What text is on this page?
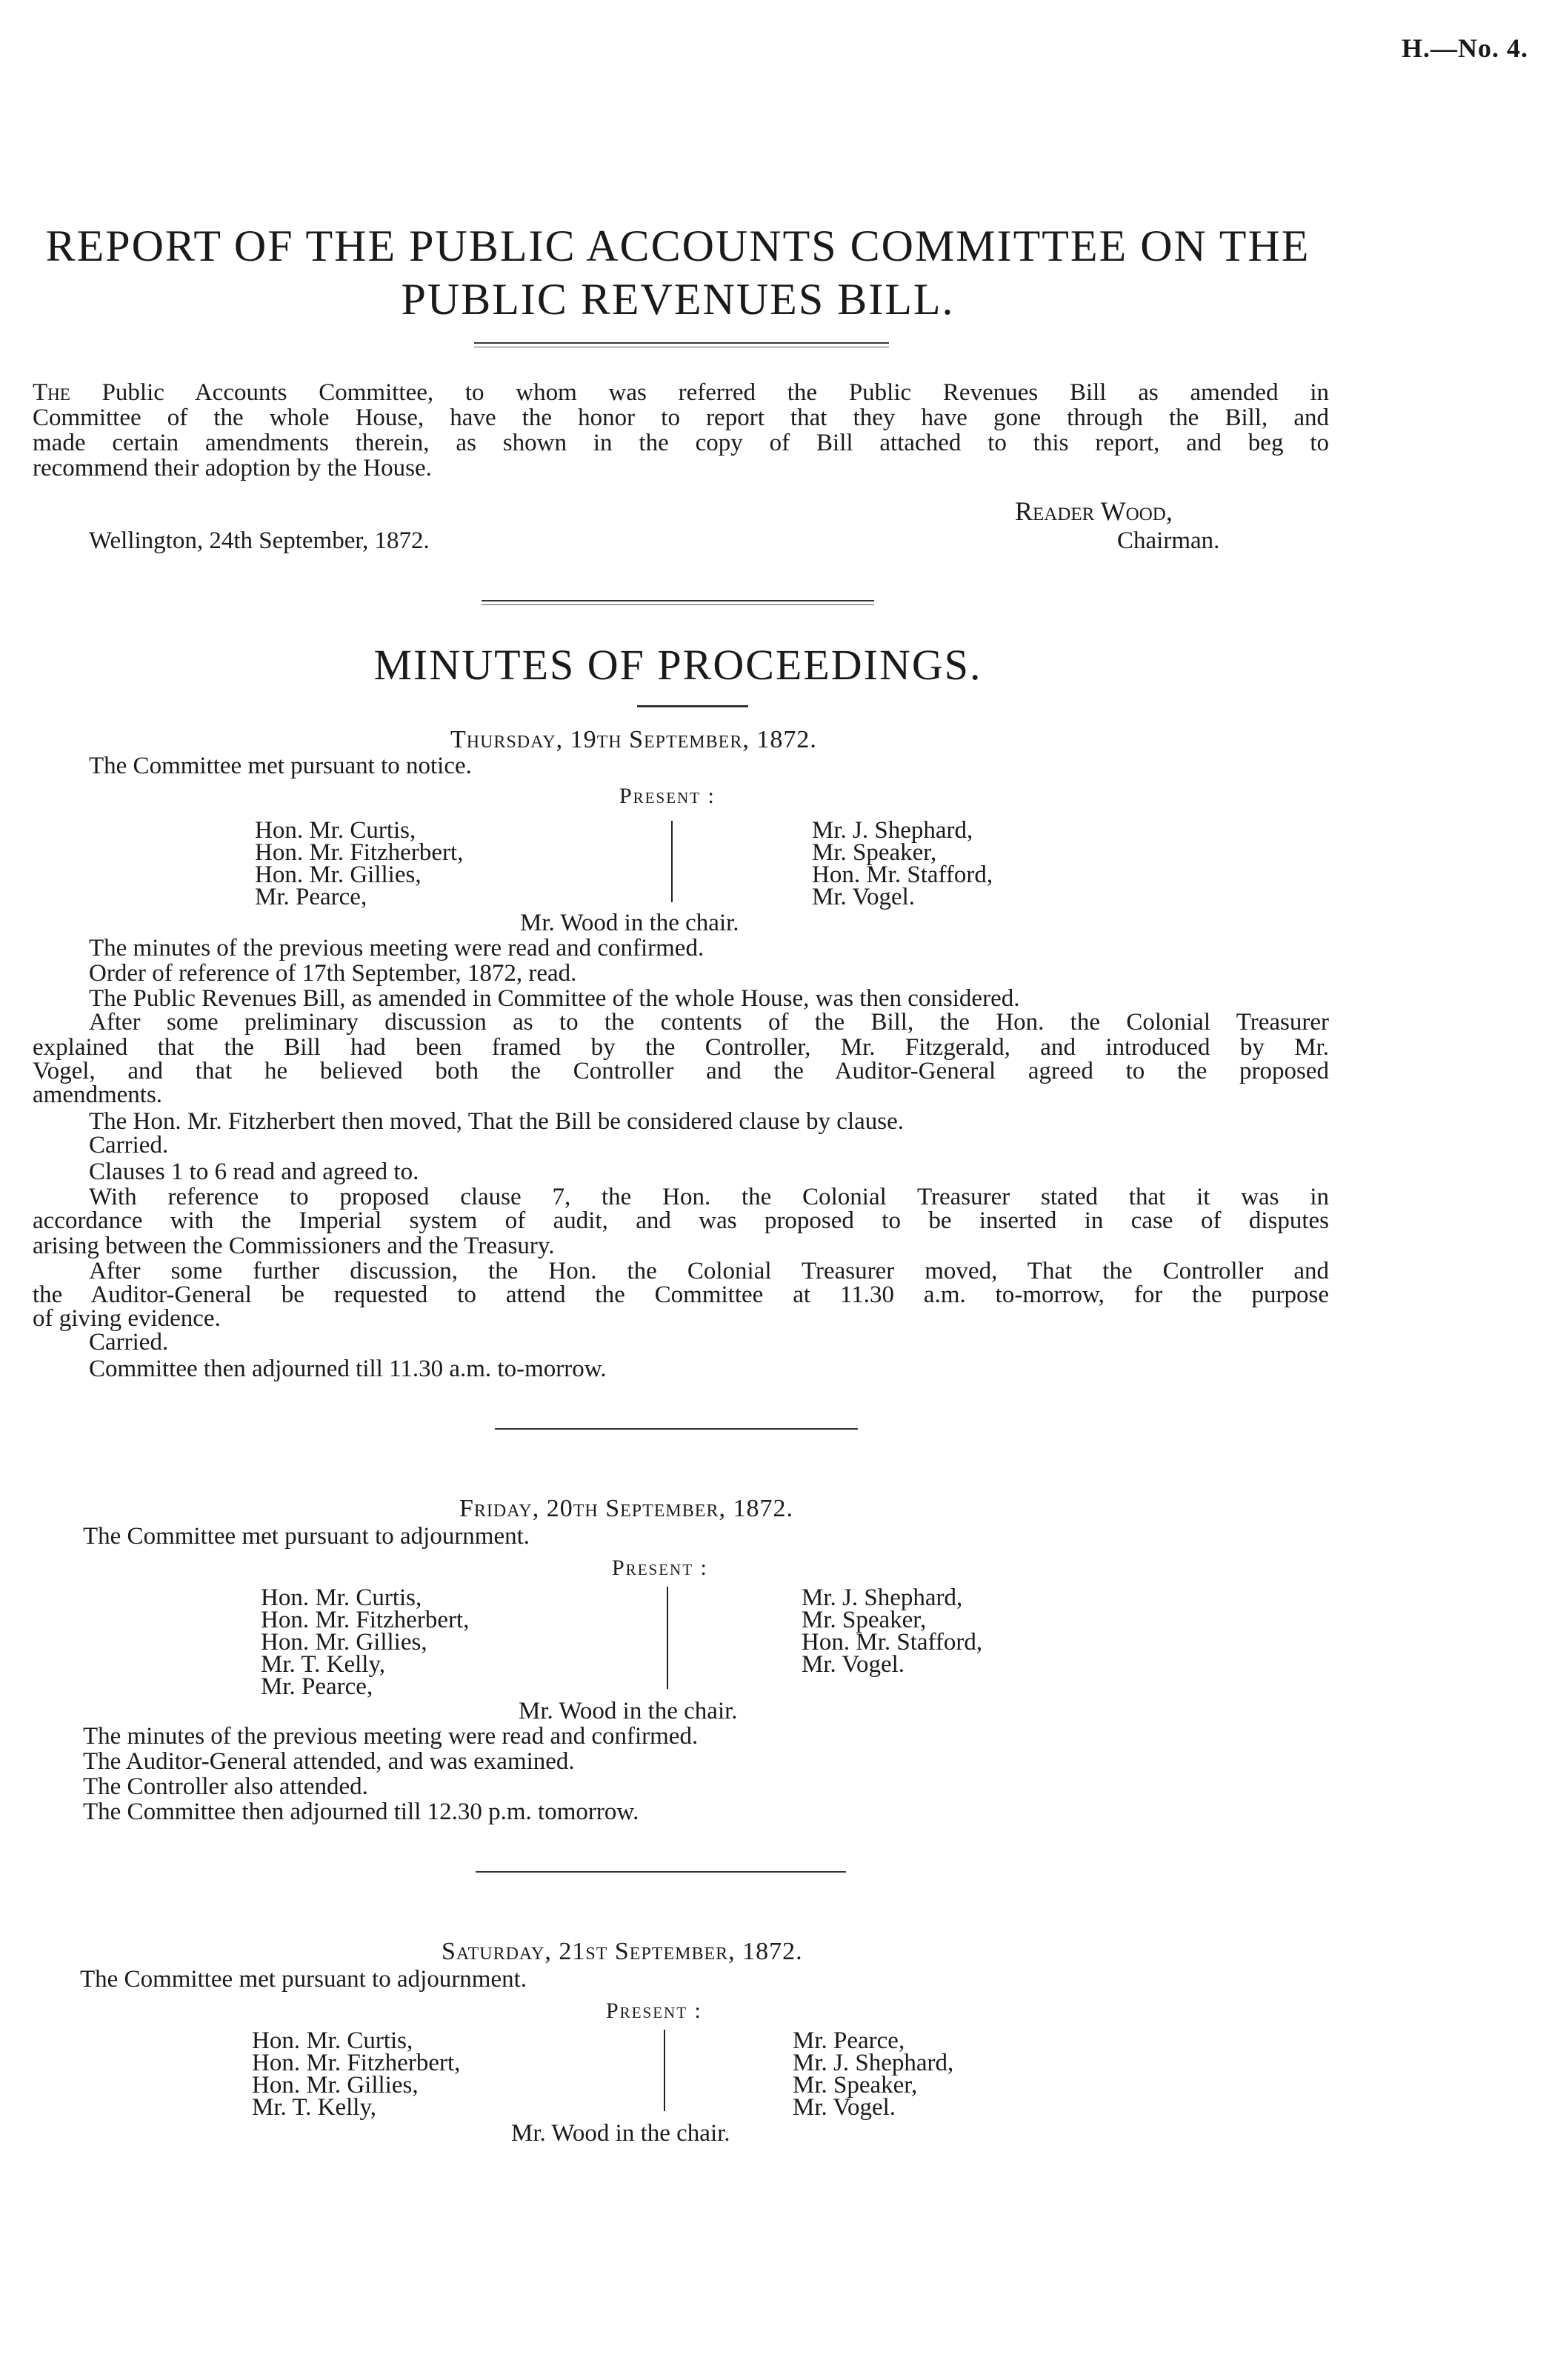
H.—No. 4.
REPORT OF THE PUBLIC ACCOUNTS COMMITTEE ON THE
PUBLIC REVENUES BILL.
The Public Accounts Committee, to whom was referred the Public Revenues Bill as amended in
Committee of the whole House, have the honor to report that they have gone through the Bill, and
made certain amendments therein, as shown in the copy of Bill attached to this report, and beg to
recommend their adoption by the House.
Reader Wood,
Wellington, 24th September, 1872.	Chairman.
MINUTES OF PROCEEDINGS.
Thursday, 19th September, 1872.
The Committee met pursuant to notice.
Present :
Hon. Mr. Curtis,
Hon. Mr. Fitzherbert,
Hon. Mr. Gillies,
Mr. Pearce,
Mr. J. Shephard,
Mr. Speaker,
Hon. Mr. Stafford,
Mr. Vogel.
Mr. Wood in the chair.
The minutes of the previous meeting were read and confirmed.
Order of reference of 17th September, 1872, read.
The Public Revenues Bill, as amended in Committee of the whole House, was then considered.
After some preliminary discussion as to the contents of the Bill, the Hon. the Colonial Treasurer
explained that the Bill had been framed by the Controller, Mr. Fitzgerald, and introduced by Mr.
Vogel, and that he believed both the Controller and the Auditor-General agreed to the proposed
amendments.
The Hon. Mr. Fitzherbert then moved, That the Bill be considered clause by clause.
Carried.
Clauses 1 to 6 read and agreed to.
With reference to proposed clause 7, the Hon. the Colonial Treasurer stated that it was in
accordance with the Imperial system of audit, and was proposed to be inserted in case of disputes
arising between the Commissioners and the Treasury.
After some further discussion, the Hon. the Colonial Treasurer moved, That the Controller and
the Auditor-General be requested to attend the Committee at 11.30 a.m. to-morrow, for the purpose
of giving evidence.
Carried.
Committee then adjourned till 11.30 a.m. to-morrow.
Friday, 20th September, 1872.
The Committee met pursuant to adjournment.
Present :
Hon. Mr. Curtis,
Hon. Mr. Fitzherbert,
Hon. Mr. Gillies,
Mr. T. Kelly,
Mr. Pearce,
Mr. J. Shephard,
Mr. Speaker,
Hon. Mr. Stafford,
Mr. Vogel.
Mr. Wood in the chair.
The minutes of the previous meeting were read and confirmed.
The Auditor-General attended, and was examined.
The Controller also attended.
The Committee then adjourned till 12.30 p.m. tomorrow.
Saturday, 21st September, 1872.
The Committee met pursuant to adjournment.
Present :
Hon. Mr. Curtis,
Hon. Mr. Fitzherbert,
Hon. Mr. Gillies,
Mr. T. Kelly,
Mr. Pearce,
Mr. J. Shephard,
Mr. Speaker,
Mr. Vogel.
Mr. Wood in the chair.
